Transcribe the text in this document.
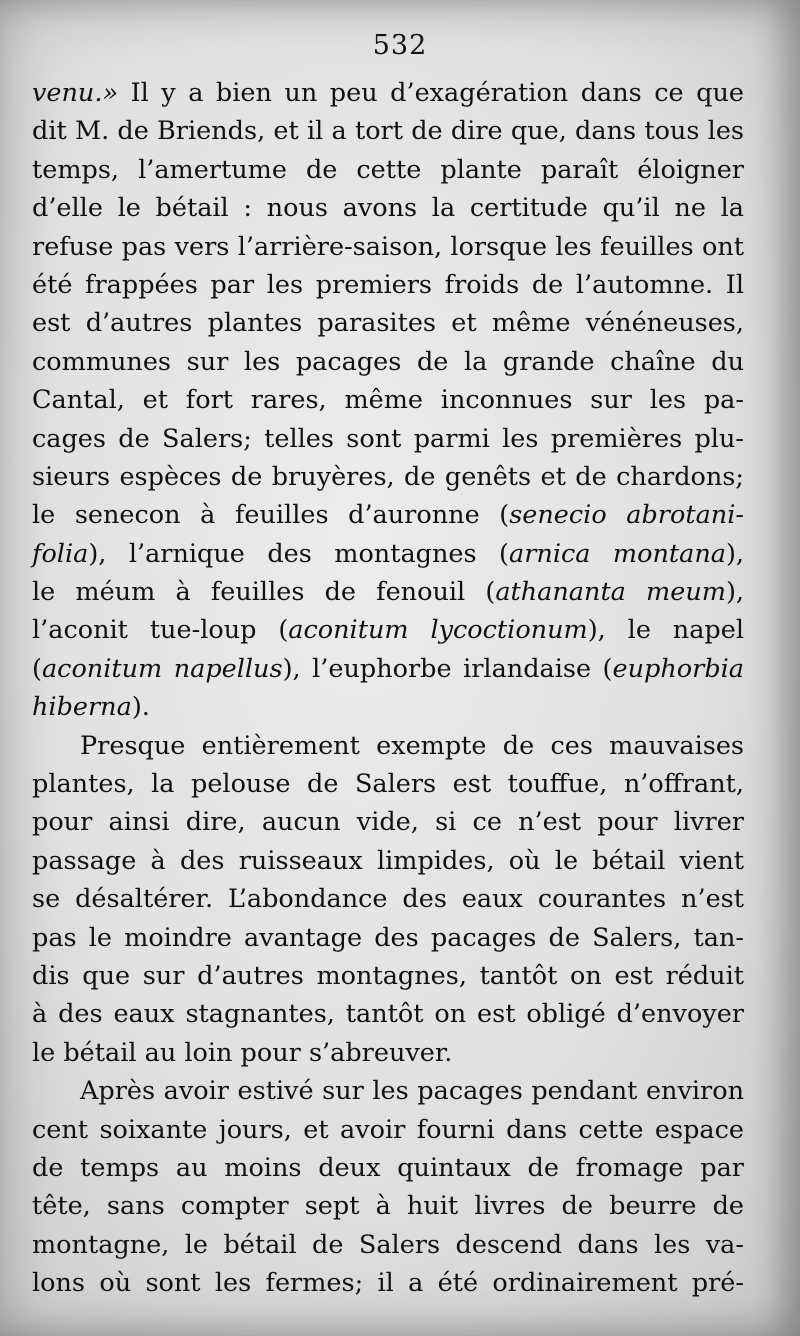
532
venu.» Il y a bien un peu d’exagération dans ce que
dit M. de Briends, et il a tort de dire que, dans tous les
temps, l’amertume de cette plante paraît éloigner
d’elle le bétail : nous avons la certitude qu’il ne la
refuse pas vers l’arrière-saison, lorsque les feuilles ont
été frappées par les premiers froids de l’automne. Il
est d’autres plantes parasites et même vénéneuses,
communes sur les pacages de la grande chaîne du
Cantal, et fort rares, même inconnues sur les pa-
cages de Salers; telles sont parmi les premières plu-
sieurs espèces de bruyères, de genêts et de chardons;
le senecon à feuilles d’auronne (senecio abrotani-
folia), l’arnique des montagnes (arnica montana),
le méum à feuilles de fenouil (athananta meum),
l’aconit tue-loup (aconitum lycoctionum), le napel
(aconitum napellus), l’euphorbe irlandaise (euphorbia
hiberna).
Presque entièrement exempte de ces mauvaises
plantes, la pelouse de Salers est touffue, n’offrant,
pour ainsi dire, aucun vide, si ce n’est pour livrer
passage à des ruisseaux limpides, où le bétail vient
se désaltérer. L’abondance des eaux courantes n’est
pas le moindre avantage des pacages de Salers, tan-
dis que sur d’autres montagnes, tantôt on est réduit
à des eaux stagnantes, tantôt on est obligé d’envoyer
le bétail au loin pour s’abreuver.
Après avoir estivé sur les pacages pendant environ
cent soixante jours, et avoir fourni dans cette espace
de temps au moins deux quintaux de fromage par
tête, sans compter sept à huit livres de beurre de
montagne, le bétail de Salers descend dans les va-
lons où sont les fermes; il a été ordinairement pré-
